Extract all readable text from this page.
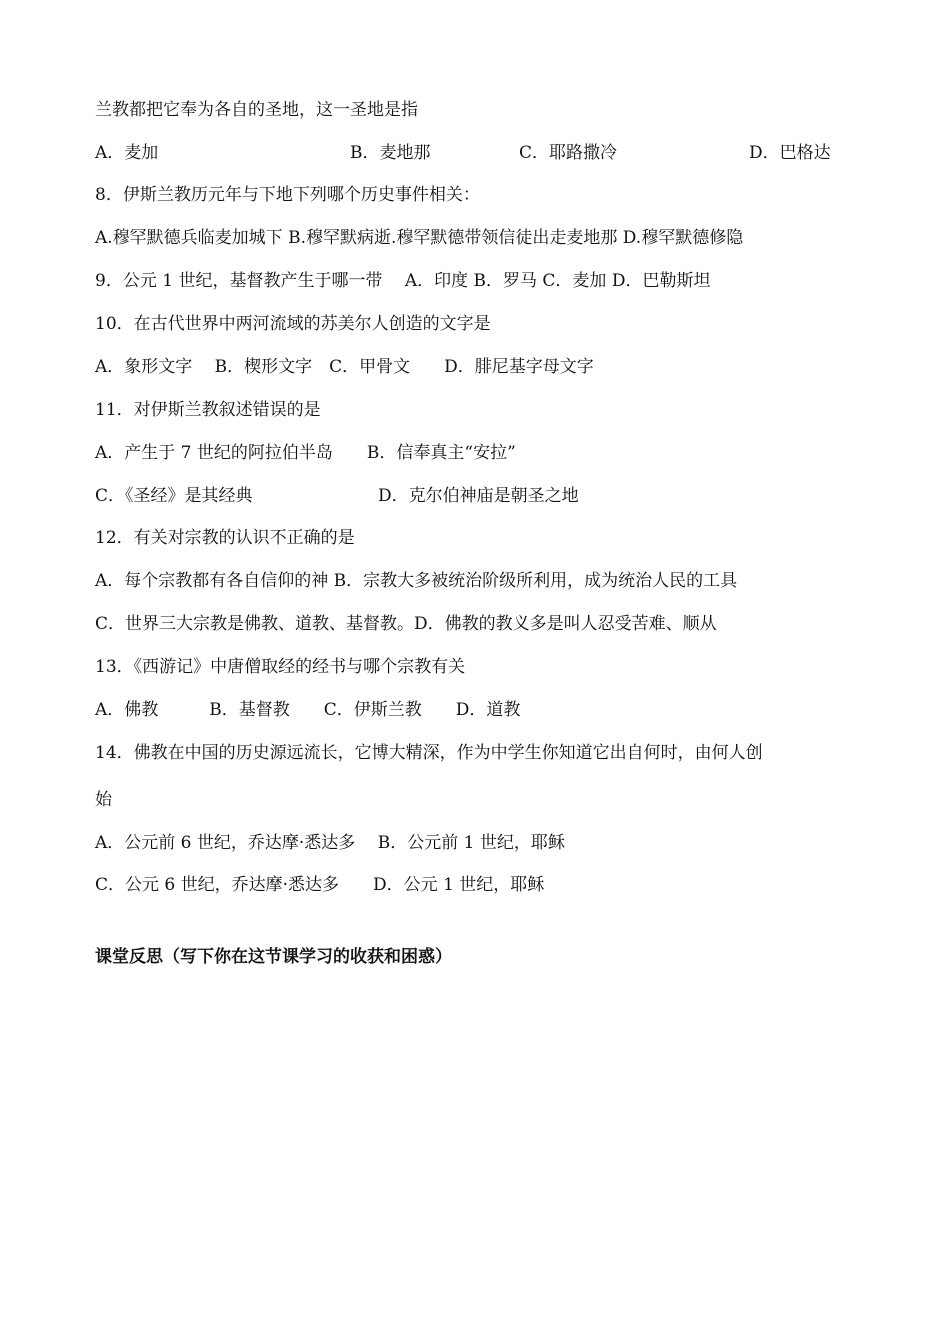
兰教都把它奉为各自的圣地，这一圣地是指
A．麦加	B．麦地那	C．耶路撒冷	D．巴格达
8．伊斯兰教历元年与下地下列哪个历史事件相关：
A.穆罕默德兵临麦加城下 B.穆罕默病逝.穆罕默德带领信徒出走麦地那 D.穆罕默德修隐
9．公元 1 世纪，基督教产生于哪一带　 A．印度 B．罗马 C．麦加 D．巴勒斯坦
10．在古代世界中两河流域的苏美尔人创造的文字是
A．象形文字　 B．楔形文字　C．甲骨文　　D．腓尼基字母文字
11．对伊斯兰教叙述错误的是
A．产生于 7 世纪的阿拉伯半岛　　B．信奉真主“安拉”
C．《圣经》是其经典	D．克尔伯神庙是朝圣之地
12．有关对宗教的认识不正确的是
A．每个宗教都有各自信仰的神 B．宗教大多被统治阶级所利用，成为统治人民的工具
C．世界三大宗教是佛教、道教、基督教。D．佛教的教义多是叫人忍受苦难、顺从
13．《西游记》中唐僧取经的经书与哪个宗教有关
A．佛教　　　B．基督教　　C．伊斯兰教　　D．道教
14．佛教在中国的历史源远流长，它博大精深，作为中学生你知道它出自何时，由何人创
始
A．公元前 6 世纪，乔达摩·悉达多　 B．公元前 1 世纪，耶稣
C．公元 6 世纪，乔达摩·悉达多　　D．公元 1 世纪，耶稣
课堂反思（写下你在这节课学习的收获和困惑）
